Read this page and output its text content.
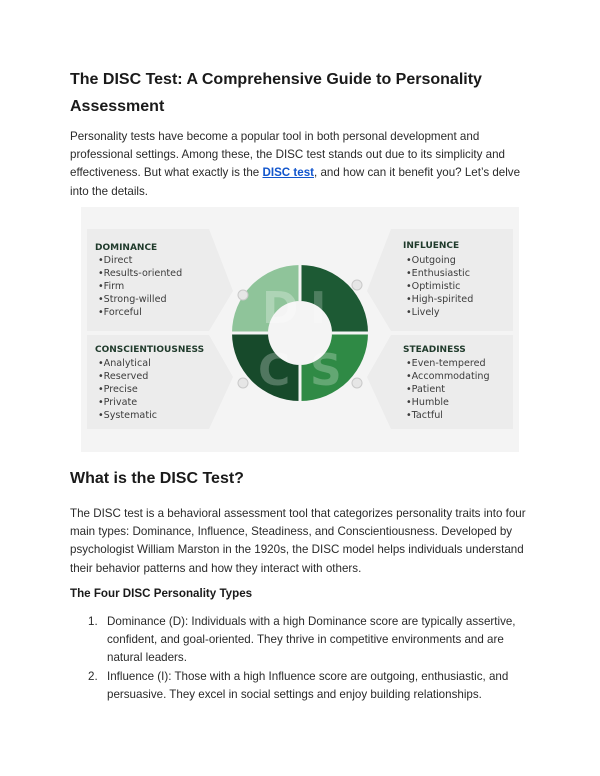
The DISC Test: A Comprehensive Guide to Personality Assessment

Personality tests have become a popular tool in both personal development and professional settings. Among these, the DISC test stands out due to its simplicity and effectiveness. But what exactly is the DISC test, and how can it benefit you? Let’s delve into the details.

D I
S
C
DOMINANCE
•Direct
•Results-oriented
•Firm
•Strong-willed
•Forceful
INFLUENCE
•Outgoing
•Enthusiastic
•Optimistic
•High-spirited
•Lively
CONSCIENTIOUSNESS
•Analytical
•Reserved
•Precise
•Private
•Systematic
STEADINESS
•Even-tempered
•Accommodating
•Patient
•Humble
•Tactful
What is the DISC Test?

The DISC test is a behavioral assessment tool that categorizes personality traits into four main types: Dominance, Influence, Steadiness, and Conscientiousness. Developed by psychologist William Marston in the 1920s, the DISC model helps individuals understand their behavior patterns and how they interact with others.

The Four DISC Personality Types
1. Dominance (D): Individuals with a high Dominance score are typically assertive, confident, and goal-oriented. They thrive in competitive environments and are natural leaders.
2. Influence (I): Those with a high Influence score are outgoing, enthusiastic, and persuasive. They excel in social settings and enjoy building relationships.
